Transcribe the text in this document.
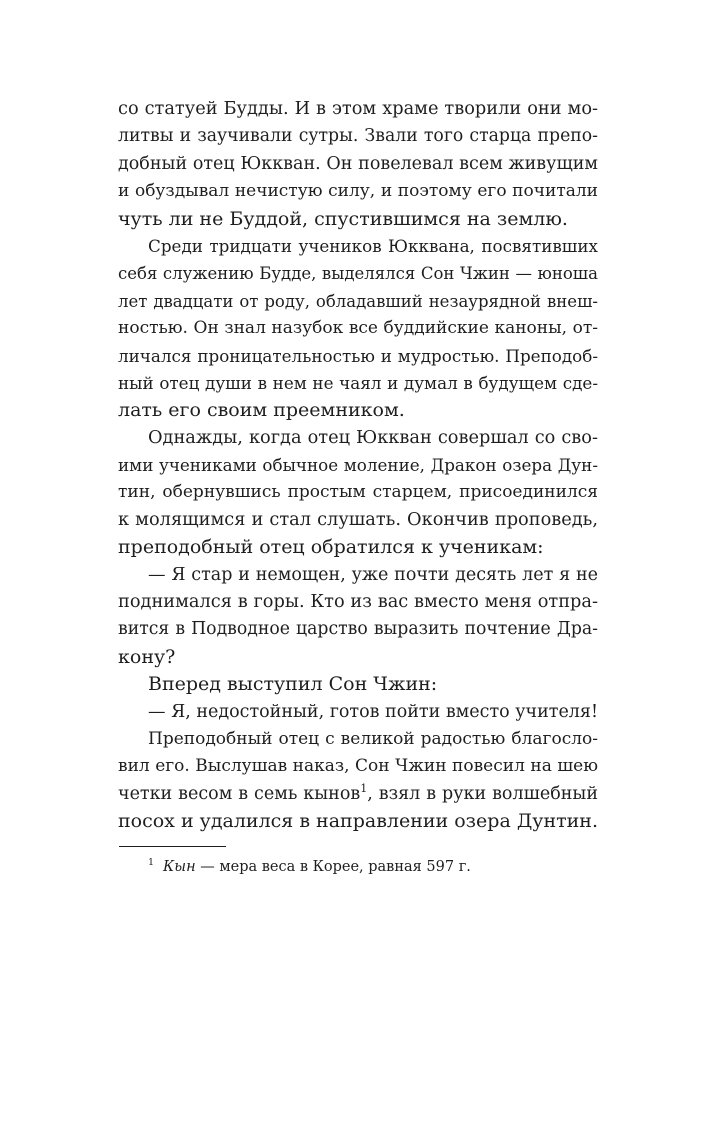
со статуей Будды. И в этом храме творили они мо-
литвы и заучивали сутры. Звали того старца препо-
добный отец Юкквaн. Он повелевал всем живущим
и обуздывал нечистую силу, и поэтому его почитали
чуть ли не Буддой, спустившимся на землю.
Среди тридцати учеников Юкквaна, посвятивших
себя служению Будде, выделялся Сон Чжин — юноша
лет двадцати от роду, обладавший незаурядной внеш-
ностью. Он знал назубок все буддийские каноны, от-
личался проницательностью и мудростью. Преподоб-
ный отец души в нем не чаял и думал в будущем сде-
лать его своим преемником.
Однажды, когда отец Юкквaн совершал со сво-
ими учениками обычное моление, Дракон озера Дун-
тин, обернувшись простым старцем, присоединился
к молящимся и стал слушать. Окончив проповедь,
преподобный отец обратился к ученикам:
— Я стар и немощен, уже почти десять лет я не
поднимался в горы. Кто из вас вместо меня отпра-
вится в Подводное царство выразить почтение Дра-
кону?
Вперед выступил Сон Чжин:
— Я, недостойный, готов пойти вместо учителя!
Преподобный отец с великой радостью благосло-
вил его. Выслушав наказ, Сон Чжин повесил на шею
четки весом в семь кынов$^1$, взял в руки волшебный
посох и удалился в направлении озера Дунтин.
$^1$ Кын — мера веса в Корее, равная 597 г.
